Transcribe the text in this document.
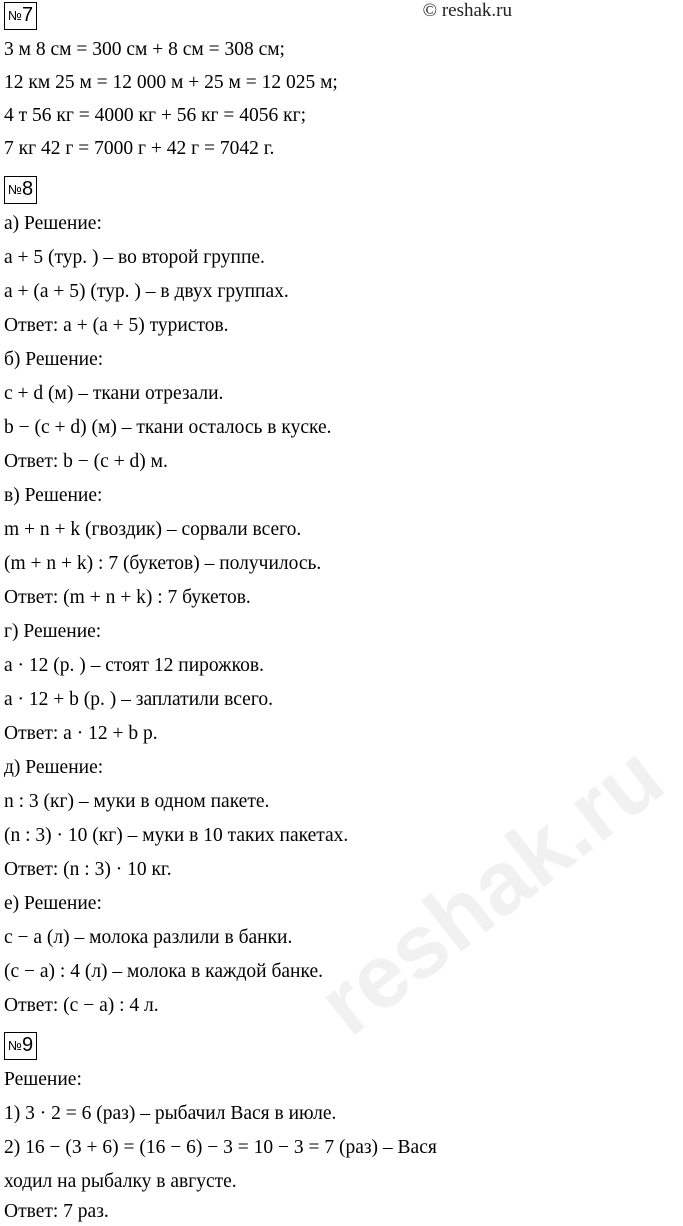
© reshak.ru
reshak.ru
№7
3 м 8 см = 300 см + 8 см = 308 см;
12 км 25 м = 12 000 м + 25 м = 12 025 м;
4 т 56 кг = 4000 кг + 56 кг = 4056 кг;
7 кг 42 г = 7000 г + 42 г = 7042 г.
№8
а) Решение:
a + 5 (тур. ) – во второй группе.
a + (a + 5) (тур. ) – в двух группах.
Ответ: a + (a + 5) туристов.
б) Решение:
c + d (м) – ткани отрезали.
b − (c + d) (м) – ткани осталось в куске.
Ответ: b − (c + d) м.
в) Решение:
m + n + k (гвоздик) – сорвали всего.
(m + n + k) : 7 (букетов) – получилось.
Ответ: (m + n + k) : 7 букетов.
г) Решение:
a · 12 (р. ) – стоят 12 пирожков.
a · 12 + b (р. ) – заплатили всего.
Ответ: a · 12 + b р.
д) Решение:
n : 3 (кг) – муки в одном пакете.
(n : 3) · 10 (кг) – муки в 10 таких пакетах.
Ответ: (n : 3) · 10 кг.
е) Решение:
c − a (л) – молока разлили в банки.
(c − a) : 4 (л) – молока в каждой банке.
Ответ: (c − a) : 4 л.
№9
Решение:
1) 3 · 2 = 6 (раз) – рыбачил Вася в июле.
2) 16 − (3 + 6) = (16 − 6) − 3 = 10 − 3 = 7 (раз) – Вася
ходил на рыбалку в августе.
Ответ: 7 раз.
